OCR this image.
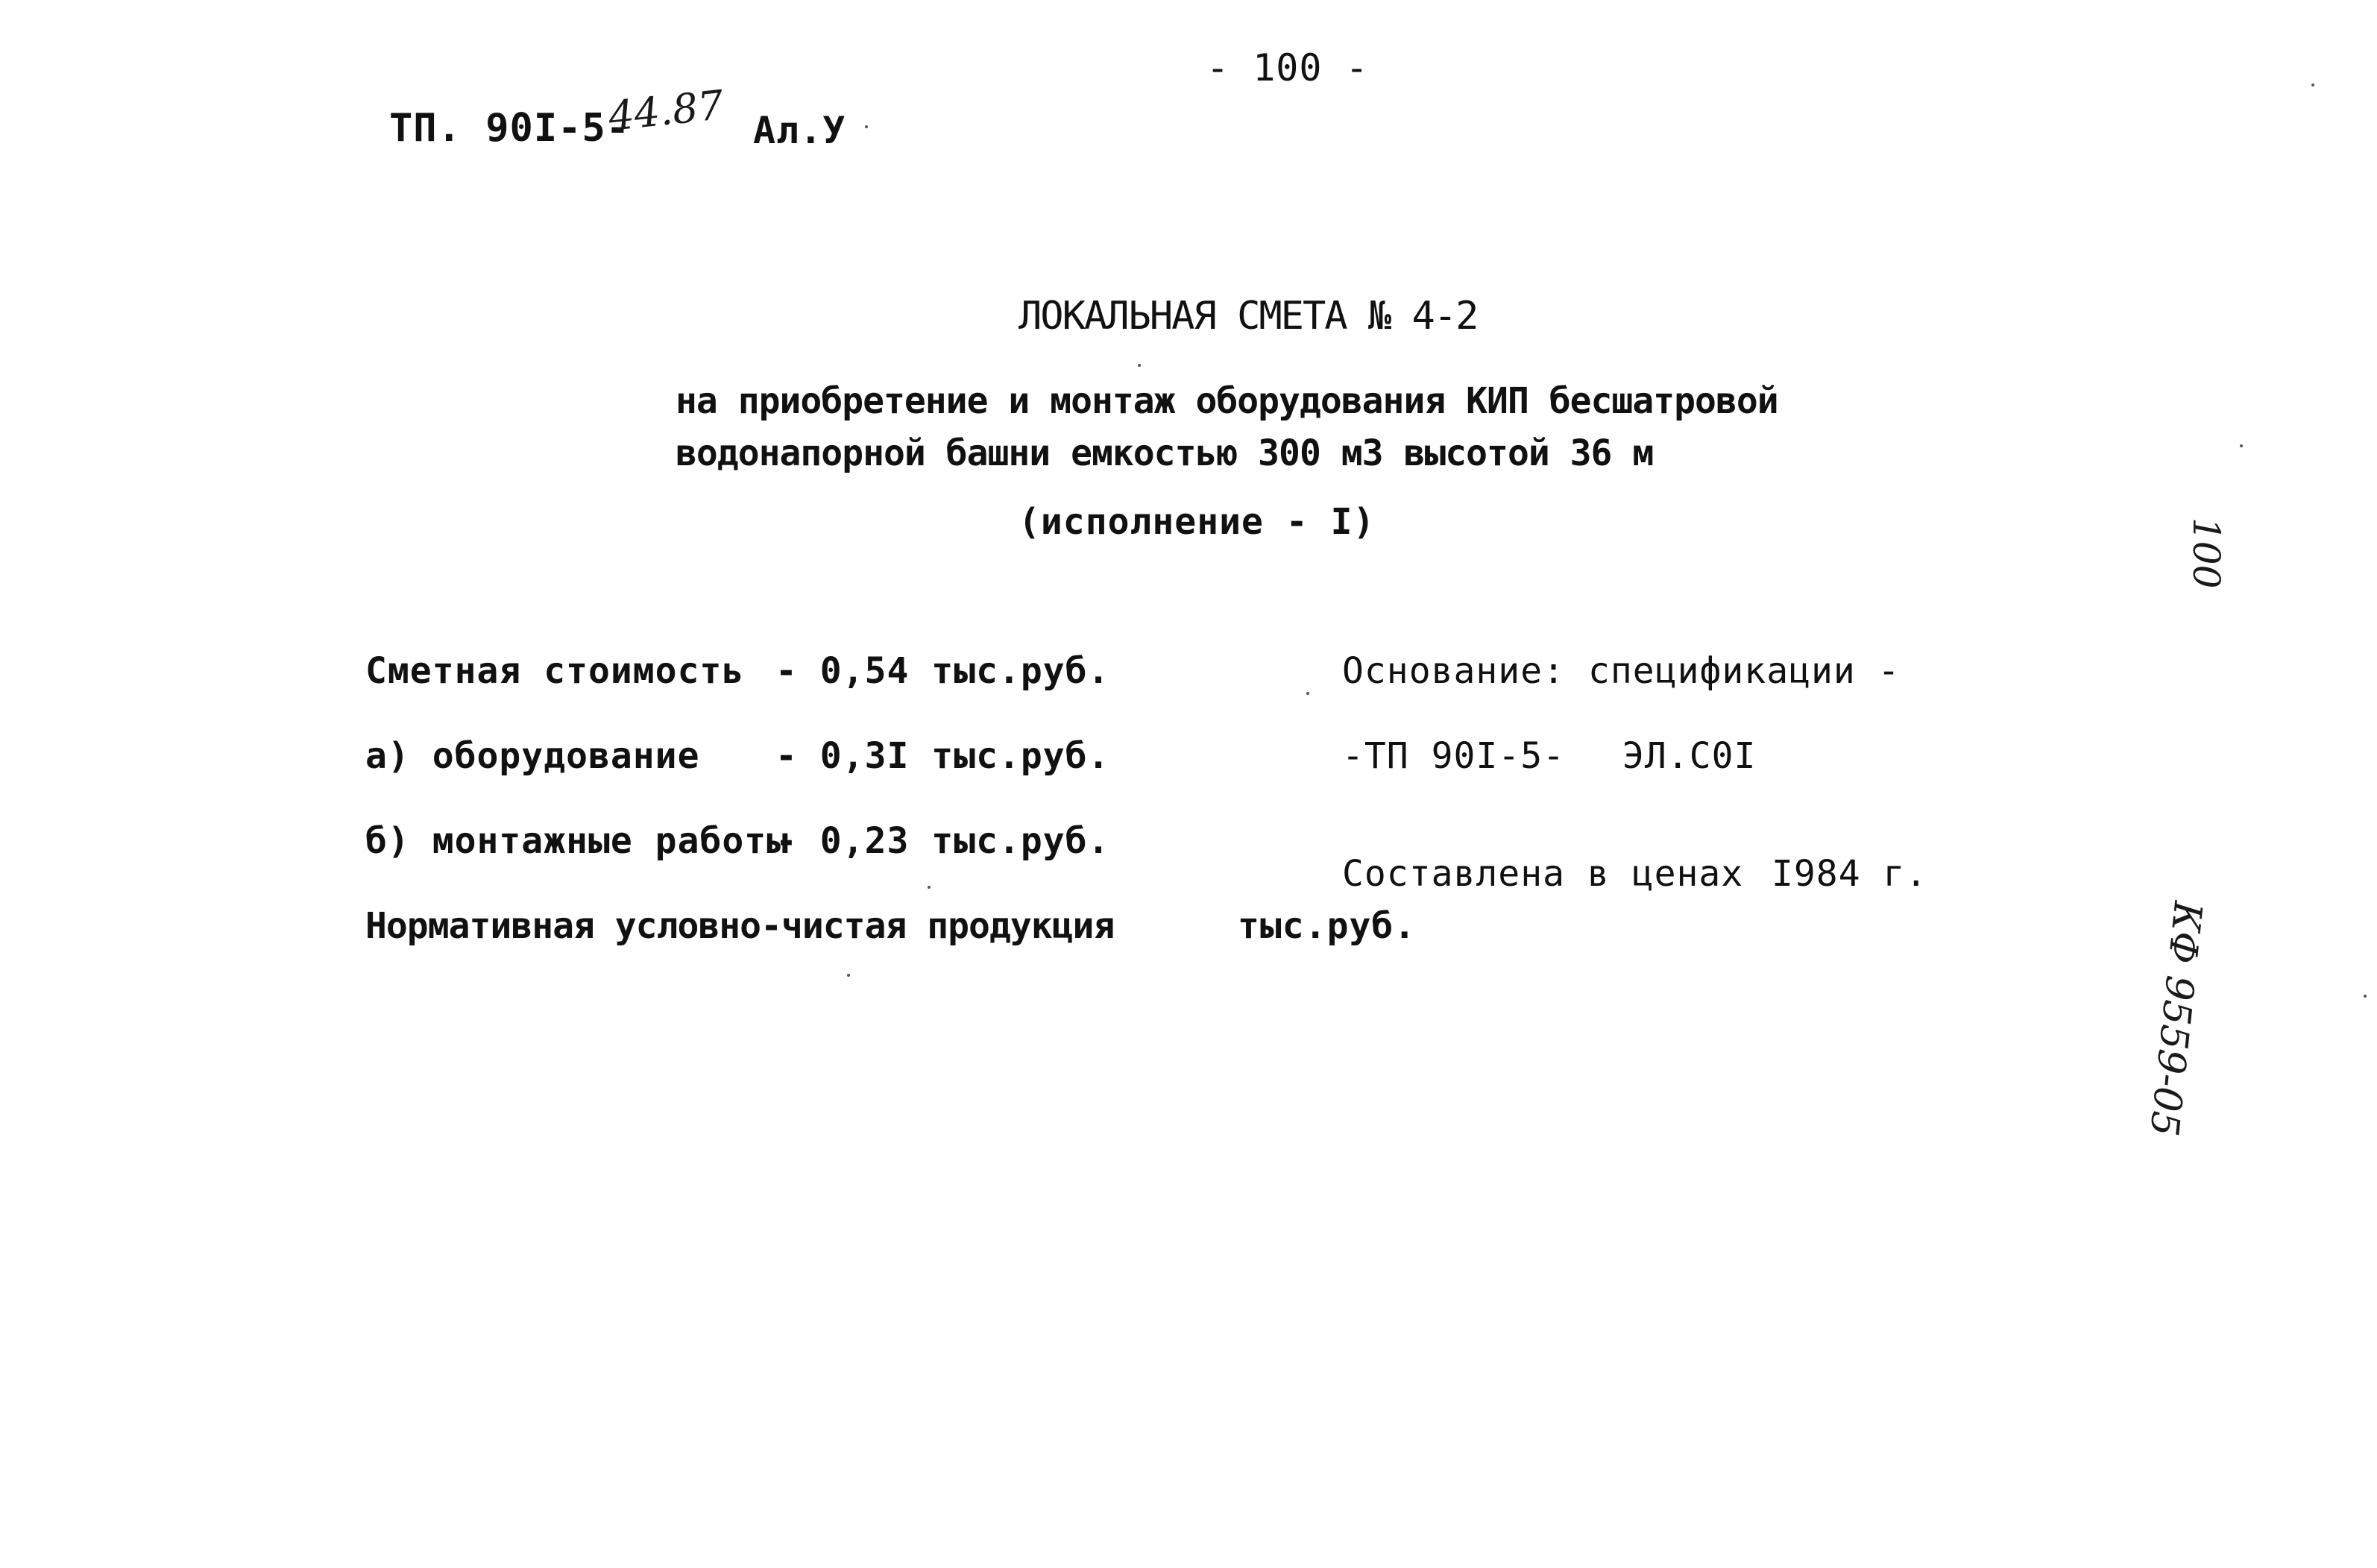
- 100 -
ТП. 90I-5-
44.87 Ал.У
ЛОКАЛЬНАЯ СМЕТА № 4-2
на приобретение и монтаж оборудования КИП бесшатровой
водонапорной башни емкостью 300 м3 высотой 36 м
(исполнение - I)
Сметная стоимость - 0,54 тыс.руб.
а) оборудование - 0,3I тыс.руб.
б) монтажные работы
- 0,23 тыс.руб.
Нормативная условно-чистая продукция	тыс.руб.
Основание: спецификации -
-ТП 90I-5- ЭЛ.С0I
Составлена в ценах I984 г.
100
КФ 9559-05
